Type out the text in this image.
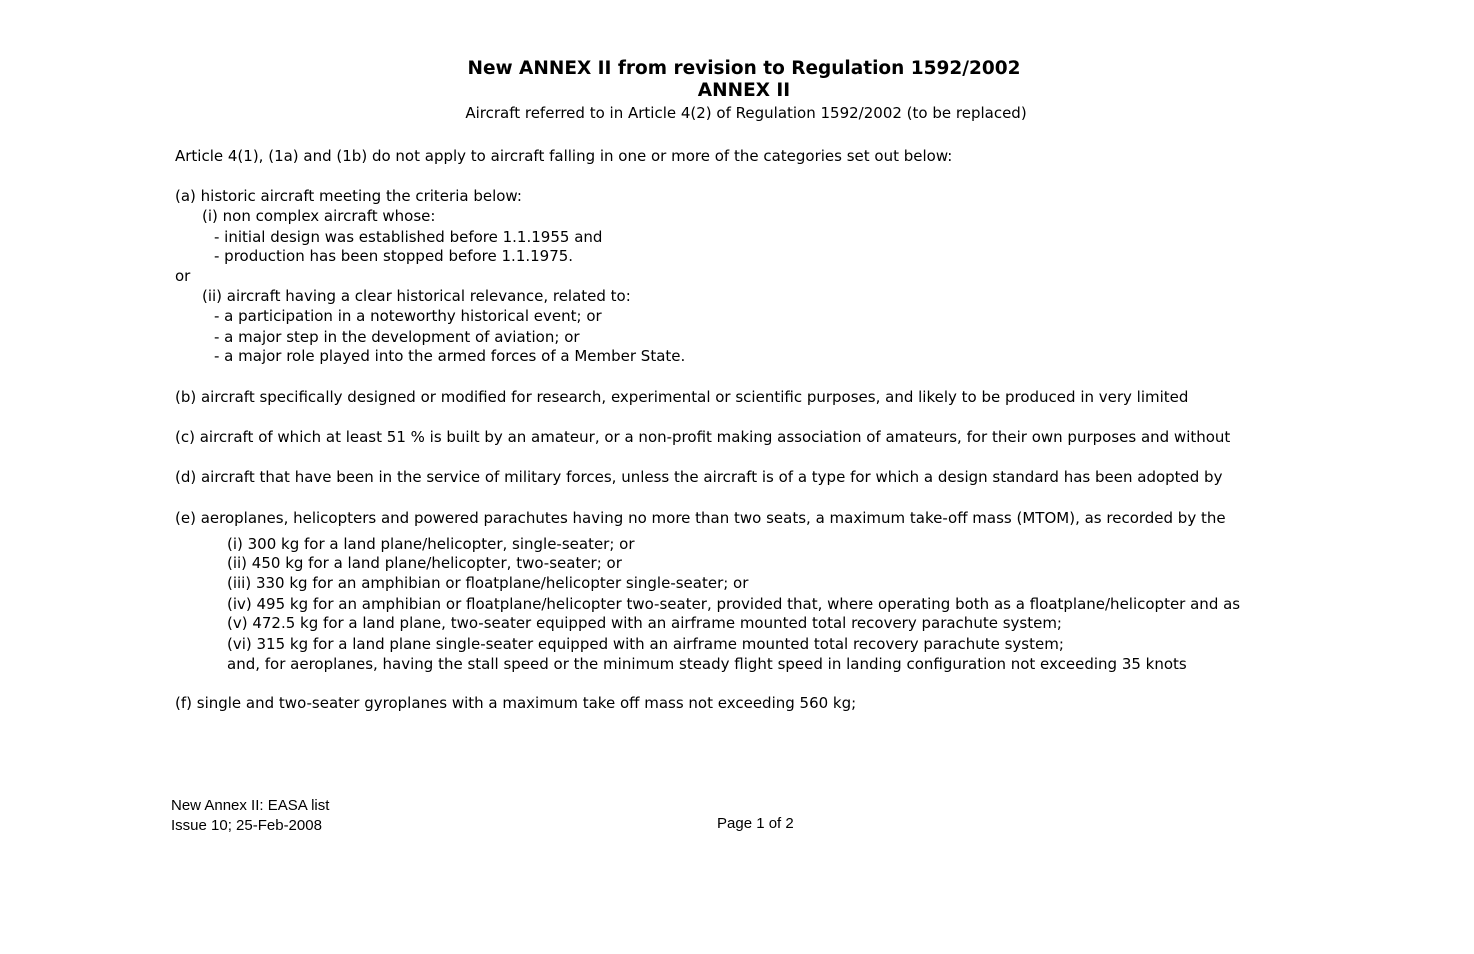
New ANNEX II from revision to Regulation 1592/2002
ANNEX II
Aircraft referred to in Article 4(2) of Regulation 1592/2002 (to be replaced)
Article 4(1), (1a) and (1b) do not apply to aircraft falling in one or more of the categories set out below:
(a) historic aircraft meeting the criteria below:
(i) non complex aircraft whose:
- initial design was established before 1.1.1955 and
- production has been stopped before 1.1.1975.
or
(ii) aircraft having a clear historical relevance, related to:
- a participation in a noteworthy historical event; or
- a major step in the development of aviation; or
- a major role played into the armed forces of a Member State.
(b) aircraft specifically designed or modified for research, experimental or scientific purposes, and likely to be produced in very limited
(c) aircraft of which at least 51 % is built by an amateur, or a non-profit making association of amateurs, for their own purposes and without
(d) aircraft that have been in the service of military forces, unless the aircraft is of a type for which a design standard has been adopted by
(e) aeroplanes, helicopters and powered parachutes having no more than two seats, a maximum take-off mass (MTOM), as recorded by the
(i) 300 kg for a land plane/helicopter, single-seater; or
(ii) 450 kg for a land plane/helicopter, two-seater; or
(iii) 330 kg for an amphibian or floatplane/helicopter single-seater; or
(iv) 495 kg for an amphibian or floatplane/helicopter two-seater, provided that, where operating both as a floatplane/helicopter and as
(v) 472.5 kg for a land plane, two-seater equipped with an airframe mounted total recovery parachute system;
(vi) 315 kg for a land plane single-seater equipped with an airframe mounted total recovery parachute system;
and, for aeroplanes, having the stall speed or the minimum steady flight speed in landing configuration not exceeding 35 knots
(f) single and two-seater gyroplanes with a maximum take off mass not exceeding 560 kg;
New Annex II: EASA list
Issue 10; 25-Feb-2008	Page 1 of 2
